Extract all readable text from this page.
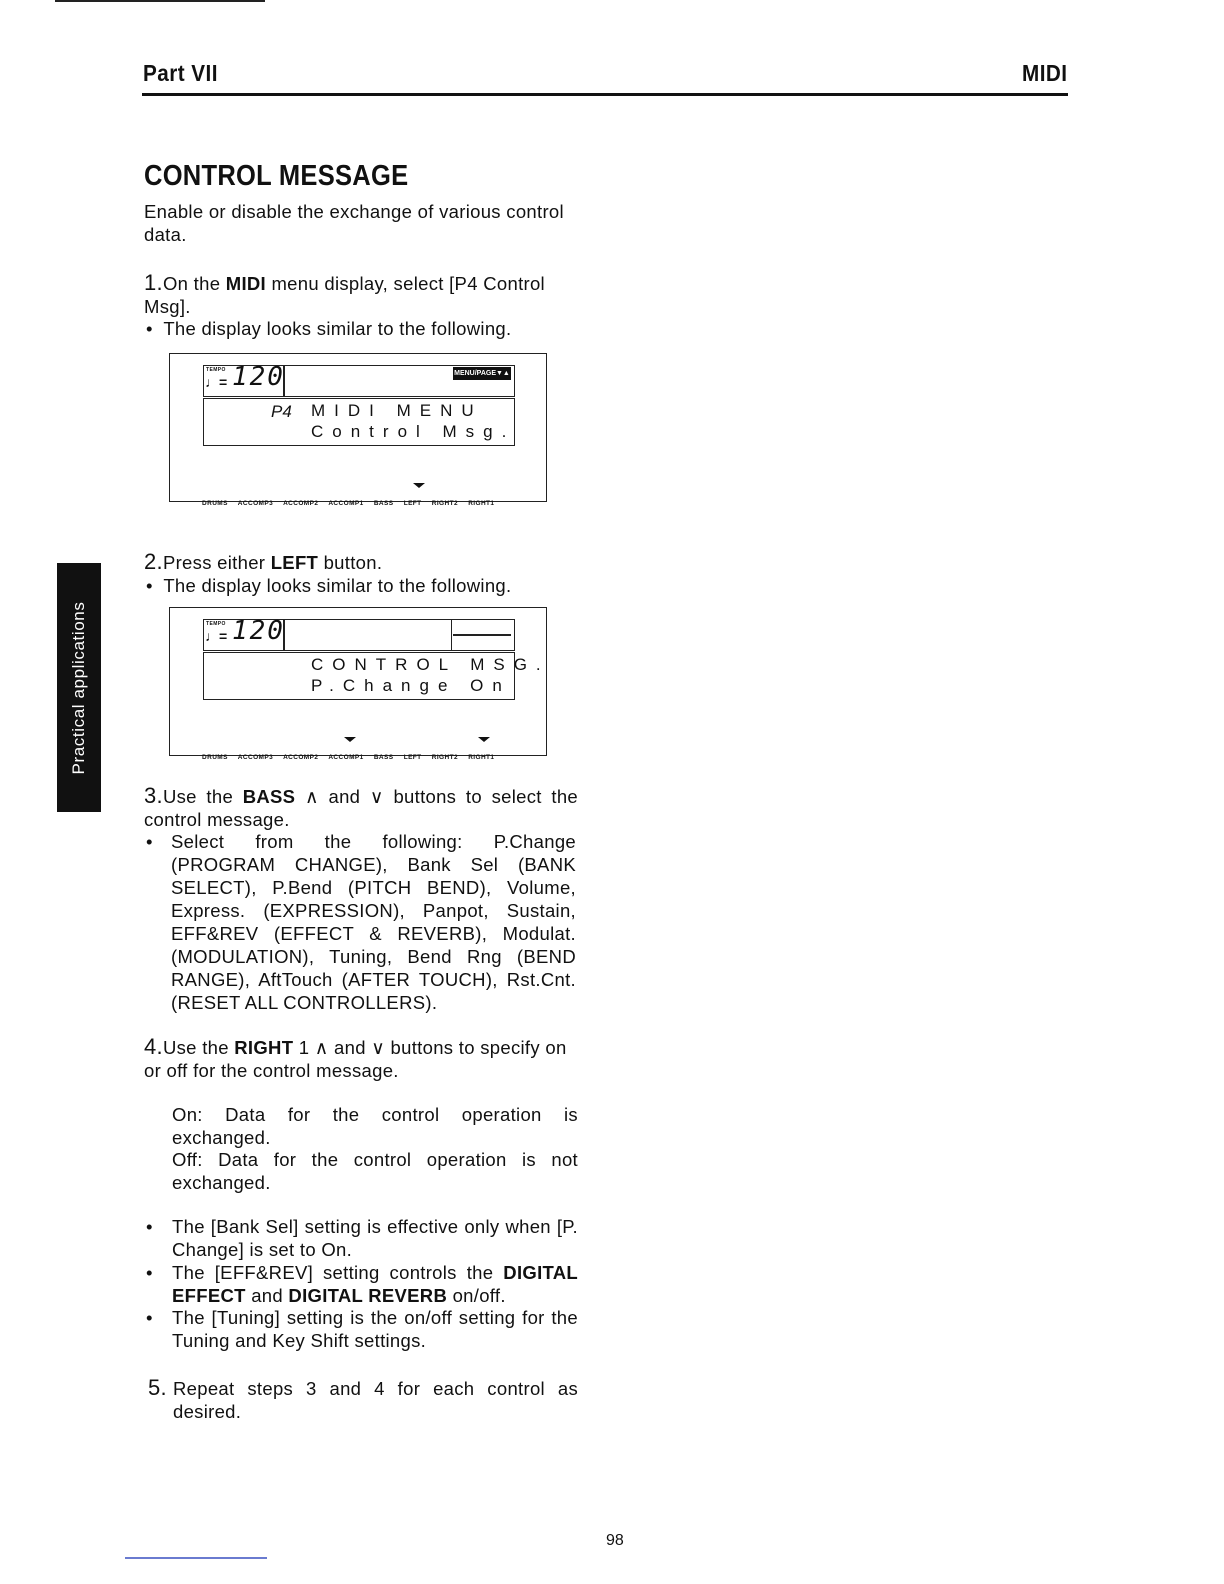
Part VII	MIDI
Practical applications
CONTROL MESSAGE
Enable or disable the exchange of various control data.
1.On the MIDI menu display, select [P4 Control Msg].
•  The display looks similar to the following.
TEMPO
♩= 120	MENU/PAGE▼▲
P4 MIDI MENU
Control Msg.
DRUMS ACCOMP3 ACCOMP2 ACCOMP1 BASS LEFT RIGHT2 RIGHT1
2.Press either LEFT button.
•  The display looks similar to the following.
TEMPO
♩= 120
CONTROL MSG.
P.Change On
DRUMS ACCOMP3 ACCOMP2 ACCOMP1 BASS LEFT RIGHT2 RIGHT1
3.Use the BASS ∧ and ∨ buttons to select the control message.
• Select from the following: P.Change (PROGRAM CHANGE), Bank Sel (BANK SELECT), P.Bend (PITCH BEND), Volume, Express. (EXPRESSION), Panpot, Sustain, EFF&REV (EFFECT & REVERB), Modulat. (MODULATION), Tuning, Bend Rng (BEND RANGE), AftTouch (AFTER TOUCH), Rst.Cnt. (RESET ALL CONTROLLERS).
4.Use the RIGHT 1 ∧ and ∨ buttons to specify on or off for the control message.
On: Data for the control operation is exchanged.
Off: Data for the control operation is not exchanged.
• The [Bank Sel] setting is effective only when [P. Change] is set to On.
• The [EFF&REV] setting controls the DIGITAL EFFECT and DIGITAL REVERB on/off.
• The [Tuning] setting is the on/off setting for the Tuning and Key Shift settings.
5. Repeat steps 3 and 4 for each control as desired.
98
